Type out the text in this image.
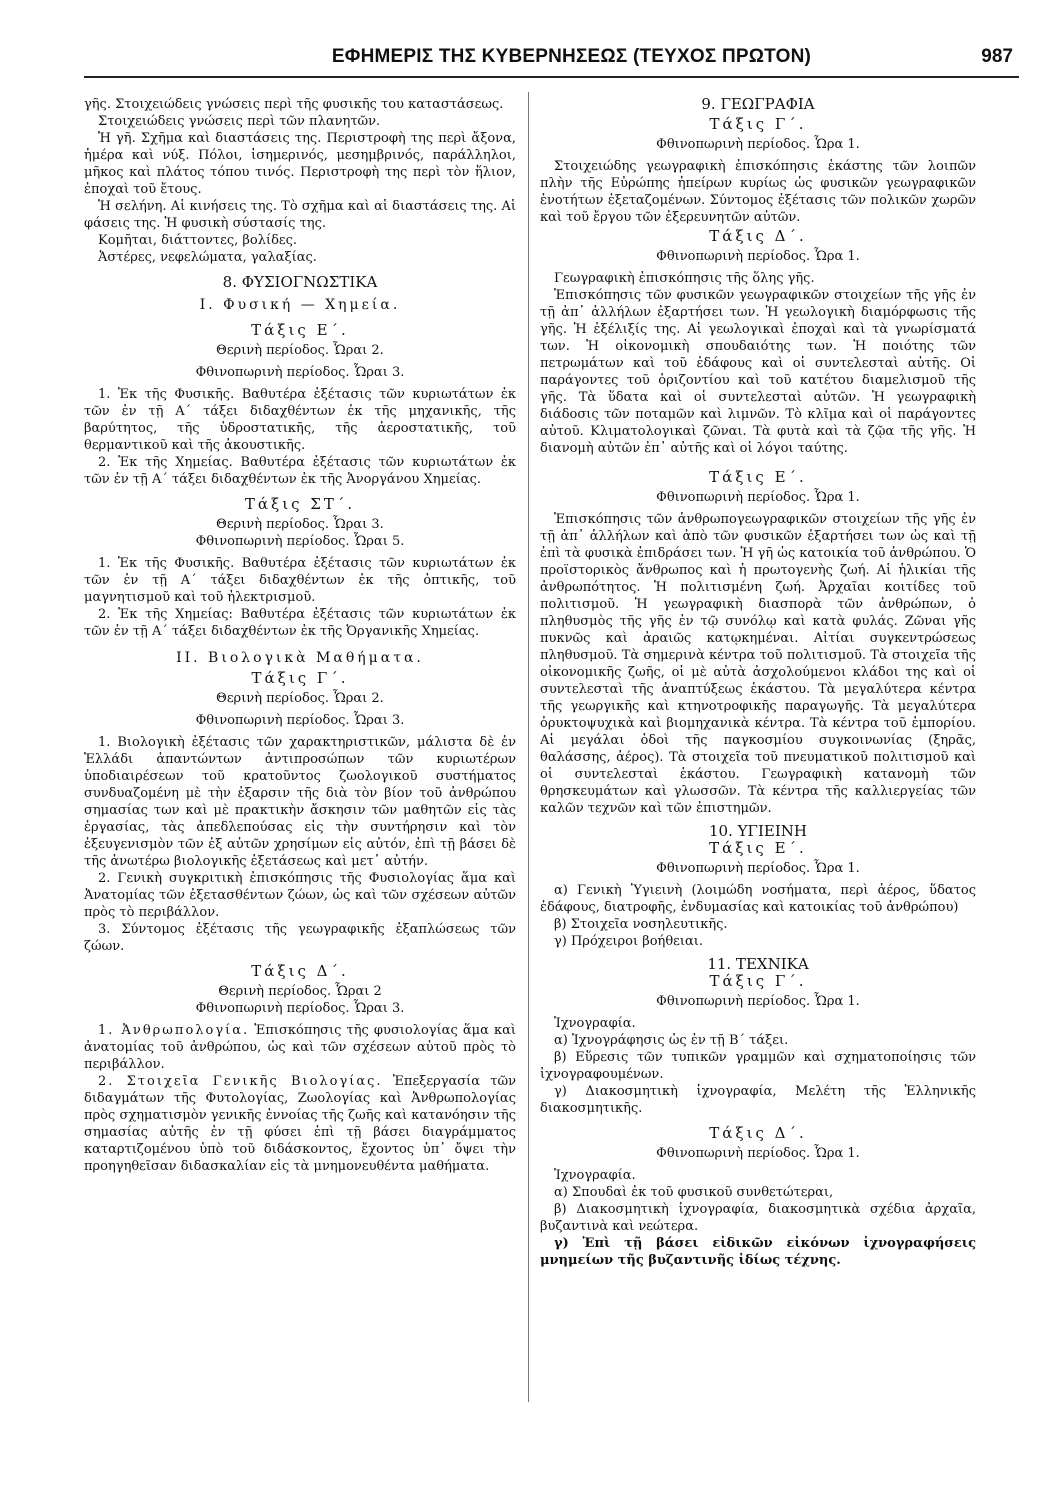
ΕΦΗΜΕΡΙΣ ΤΗΣ ΚΥΒΕΡΝΗΣΕΩΣ (ΤΕΥΧΟΣ ΠΡΩΤΟΝ)	987

γῆς. Στοιχειώδεις γνώσεις περὶ τῆς φυσικῆς του καταστάσεως.

Στοιχειώδεις γνώσεις περὶ τῶν πλανητῶν.

Ἡ γῆ. Σχῆμα καὶ διαστάσεις της. Περιστροφὴ της περὶ ἄξονα, ἡμέρα καὶ νύξ. Πόλοι, ἰσημερινός, μεσημβρινός, παράλληλοι, μῆκος καὶ πλάτος τόπου τινός. Περιστροφὴ της περὶ τὸν ἥλιον, ἐποχαὶ τοῦ ἔτους.

Ἡ σελήνη. Αἱ κινήσεις της. Τὸ σχῆμα καὶ αἱ διαστάσεις της. Αἱ φάσεις της. Ἡ φυσικὴ σύστασίς της.

Κομῆται, διάττοντες, βολίδες.

Ἀστέρες, νεφελώματα, γαλαξίας.

8. ΦΥΣΙΟΓΝΩΣΤΙΚΑ
Ι. Φυσική — Χημεία.
Τάξις Ε΄.
Θερινὴ περίοδος. Ὧραι 2.
Φθινοπωρινὴ περίοδος. Ὧραι 3.

1. Ἐκ τῆς Φυσικῆς. Βαθυτέρα ἐξέτασις τῶν κυριωτάτων ἐκ τῶν ἐν τῇ Α΄ τάξει διδαχθέντων ἐκ τῆς μηχανικῆς, τῆς βαρύτητος, τῆς ὑδροστατικῆς, τῆς ἀεροστατικῆς, τοῦ θερμαντικοῦ καὶ τῆς ἀκουστικῆς.

2. Ἐκ τῆς Χημείας. Βαθυτέρα ἐξέτασις τῶν κυριωτάτων ἐκ τῶν ἐν τῇ Α΄ τάξει διδαχθέντων ἐκ τῆς Ἀνοργάνου Χημείας.

Τάξις ΣΤ΄.
Θερινὴ περίοδος. Ὧραι 3.
Φθινοπωρινὴ περίοδος. Ὧραι 5.

1. Ἐκ τῆς Φυσικῆς. Βαθυτέρα ἐξέτασις τῶν κυριωτάτων ἐκ τῶν ἐν τῇ Α΄ τάξει διδαχθέντων ἐκ τῆς ὀπτικῆς, τοῦ μαγνητισμοῦ καὶ τοῦ ἠλεκτρισμοῦ.

2. Ἐκ τῆς Χημείας: Βαθυτέρα ἐξέτασις τῶν κυριωτάτων ἐκ τῶν ἐν τῇ Α΄ τάξει διδαχθέντων ἐκ τῆς Ὀργανικῆς Χημείας.

ΙΙ. Βιολογικὰ Μαθήματα.
Τάξις Γ΄.
Θερινὴ περίοδος. Ὧραι 2.
Φθινοπωρινὴ περίοδος. Ὧραι 3.

1. Βιολογικὴ ἐξέτασις τῶν χαρακτηριστικῶν, μάλιστα δὲ ἐν Ἑλλάδι ἀπαντώντων ἀντιπροσώπων τῶν κυριωτέρων ὑποδιαιρέσεων τοῦ κρατοῦντος ζωολογικοῦ συστήματος συνδυαζομένη μὲ τὴν ἐξαρσιν τῆς διὰ τὸν βίον τοῦ ἀνθρώπου σημασίας των καὶ μὲ πρακτικὴν ἄσκησιν τῶν μαθητῶν εἰς τὰς ἐργασίας, τὰς ἀπεδλεπούσας εἰς τὴν συντήρησιν καὶ τὸν ἐξευγενισμὸν τῶν ἐξ αὐτῶν χρησίμων εἰς αὐτόν, ἐπὶ τῇ βάσει δὲ τῆς ἀνωτέρω βιολογικῆς ἐξετάσεως καὶ μετ᾽ αὐτήν.

2. Γενικὴ συγκριτικὴ ἐπισκόπησις τῆς Φυσιολογίας ἅμα καὶ Ἀνατομίας τῶν ἐξετασθέντων ζώων, ὡς καὶ τῶν σχέσεων αὐτῶν πρὸς τὸ περιβάλλον.

3. Σύντομος ἐξέτασις τῆς γεωγραφικῆς ἐξαπλώσεως τῶν ζώων.

Τάξις Δ΄.
Θερινὴ περίοδος. Ὧραι 2
Φθινοπωρινὴ περίοδος. Ὧραι 3.

1. Ἀνθρωπολογία. Ἐπισκόπησις τῆς φυσιολογίας ἅμα καὶ ἀνατομίας τοῦ ἀνθρώπου, ὡς καὶ τῶν σχέσεων αὐτοῦ πρὸς τὸ περιβάλλον.

2. Στοιχεῖα Γενικῆς Βιολογίας. Ἐπεξεργασία τῶν διδαγμάτων τῆς Φυτολογίας, Ζωολογίας καὶ Ἀνθρωπολογίας πρὸς σχηματισμὸν γενικῆς ἐννοίας τῆς ζωῆς καὶ κατανόησιν τῆς σημασίας αὐτῆς ἐν τῇ φύσει ἐπὶ τῇ βάσει διαγράμματος καταρτιζομένου ὑπὸ τοῦ διδάσκοντος, ἔχοντος ὑπ᾽ ὄψει τὴν προηγηθεῖσαν διδασκαλίαν εἰς τὰ μνημονευθέντα μαθήματα.

9. ΓΕΩΓΡΑΦΙΑ
Τάξις Γ΄.
Φθινοπωρινὴ περίοδος. Ὧρα 1.

Στοιχειώδης γεωγραφικὴ ἐπισκόπησις ἑκάστης τῶν λοιπῶν πλὴν τῆς Εὐρώπης ἠπείρων κυρίως ὡς φυσικῶν γεωγραφικῶν ἑνοτήτων ἐξεταζομένων. Σύντομος ἐξέτασις τῶν πολικῶν χωρῶν καὶ τοῦ ἔργου τῶν ἐξερευνητῶν αὐτῶν.

Τάξις Δ΄.
Φθινοπωρινὴ περίοδος. Ὧρα 1.

Γεωγραφικὴ ἐπισκόπησις τῆς ὅλης γῆς.

Ἐπισκόπησις τῶν φυσικῶν γεωγραφικῶν στοιχείων τῆς γῆς ἐν τῇ ἀπ᾽ ἀλλήλων ἐξαρτήσει των. Ἡ γεωλογικὴ διαμόρφωσις τῆς γῆς. Ἡ ἐξέλιξίς της. Αἱ γεωλογικαὶ ἐποχαὶ καὶ τὰ γνωρίσματά των. Ἡ οἰκονομικὴ σπουδαιότης των. Ἡ ποιότης τῶν πετρωμάτων καὶ τοῦ ἐδάφους καὶ οἱ συντελεσταὶ αὐτῆς. Οἱ παράγοντες τοῦ ὁριζοντίου καὶ τοῦ κατέτου διαμελισμοῦ τῆς γῆς. Τὰ ὕδατα καὶ οἱ συντελεσταὶ αὐτῶν. Ἡ γεωγραφικὴ διάδοσις τῶν ποταμῶν καὶ λιμνῶν. Τὸ κλῖμα καὶ οἱ παράγοντες αὐτοῦ. Κλιματολογικαὶ ζῶναι. Τὰ φυτὰ καὶ τὰ ζῷα τῆς γῆς. Ἡ διανομὴ αὐτῶν ἐπ᾽ αὐτῆς καὶ οἱ λόγοι ταύτης.

Τάξις Ε΄.
Φθινοπωρινὴ περίοδος. Ὧρα 1.

Ἐπισκόπησις τῶν ἀνθρωπογεωγραφικῶν στοιχείων τῆς γῆς ἐν τῇ ἀπ᾽ ἀλλήλων καὶ ἀπὸ τῶν φυσικῶν ἐξαρτήσει των ὡς καὶ τῇ ἐπὶ τὰ φυσικὰ ἐπιδράσει των. Ἡ γῆ ὡς κατοικία τοῦ ἀνθρώπου. Ὁ προϊστορικὸς ἄνθρωπος καὶ ἡ πρωτογενὴς ζωή. Αἱ ἡλικίαι τῆς ἀνθρωπότητος. Ἡ πολιτισμένη ζωή. Ἀρχαῖαι κοιτίδες τοῦ πολιτισμοῦ. Ἡ γεωγραφικὴ διασπορὰ τῶν ἀνθρώπων, ὁ πληθυσμὸς τῆς γῆς ἐν τῷ συνόλῳ καὶ κατὰ φυλάς. Ζῶναι γῆς πυκνῶς καὶ ἀραιῶς κατῳκημέναι. Αἰτίαι συγκεντρώσεως πληθυσμοῦ. Τὰ σημερινὰ κέντρα τοῦ πολιτισμοῦ. Τὰ στοιχεῖα τῆς οἰκονομικῆς ζωῆς, οἱ μὲ αὐτὰ ἀσχολούμενοι κλάδοι της καὶ οἱ συντελεσταὶ τῆς ἀναπτύξεως ἑκάστου. Τὰ μεγαλύτερα κέντρα τῆς γεωργικῆς καὶ κτηνοτροφικῆς παραγωγῆς. Τὰ μεγαλύτερα ὀρυκτοψυχικὰ καὶ βιομηχανικὰ κέντρα. Τὰ κέντρα τοῦ ἐμπορίου. Αἱ μεγάλαι ὁδοὶ τῆς παγκοσμίου συγκοινωνίας (ξηρᾶς, θαλάσσης, ἀέρος). Τὰ στοιχεῖα τοῦ πνευματικοῦ πολιτισμοῦ καὶ οἱ συντελεσταὶ ἑκάστου. Γεωγραφικὴ κατανομὴ τῶν θρησκευμάτων καὶ γλωσσῶν. Τὰ κέντρα τῆς καλλιεργείας τῶν καλῶν τεχνῶν καὶ τῶν ἐπιστημῶν.

10. ΥΓΙΕΙΝΗ
Τάξις Ε΄.
Φθινοπωρινὴ περίοδος. Ὧρα 1.

α) Γενικὴ Ὑγιεινὴ (λοιμώδη νοσήματα, περὶ ἀέρος, ὕδατος ἐδάφους, διατροφῆς, ἐνδυμασίας καὶ κατοικίας τοῦ ἀνθρώπου)

β) Στοιχεῖα νοσηλευτικῆς.

γ) Πρόχειροι βοήθειαι.

11. ΤΕΧΝΙΚΑ
Τάξις Γ΄.
Φθινοπωρινὴ περίοδος. Ὧρα 1.

Ἰχνογραφία.

α) Ἰχνογράφησις ὡς ἐν τῇ Β΄ τάξει.

β) Εὕρεσις τῶν τυπικῶν γραμμῶν καὶ σχηματοποίησις τῶν ἰχνογραφουμένων.

γ) Διακοσμητικὴ ἰχνογραφία, Μελέτη τῆς Ἑλληνικῆς διακοσμητικῆς.

Τάξις Δ΄.
Φθινοπωρινὴ περίοδος. Ὧρα 1.

Ἰχνογραφία.

α) Σπουδαὶ ἐκ τοῦ φυσικοῦ συνθετώτεραι,

β) Διακοσμητικὴ ἰχνογραφία, διακοσμητικὰ σχέδια ἀρχαῖα, βυζαντινὰ καὶ νεώτερα.

γ) Ἐπὶ τῇ βάσει εἰδικῶν εἰκόνων ἰχνογραφήσεις μνημείων τῆς βυζαντινῆς ἰδίως τέχνης.
